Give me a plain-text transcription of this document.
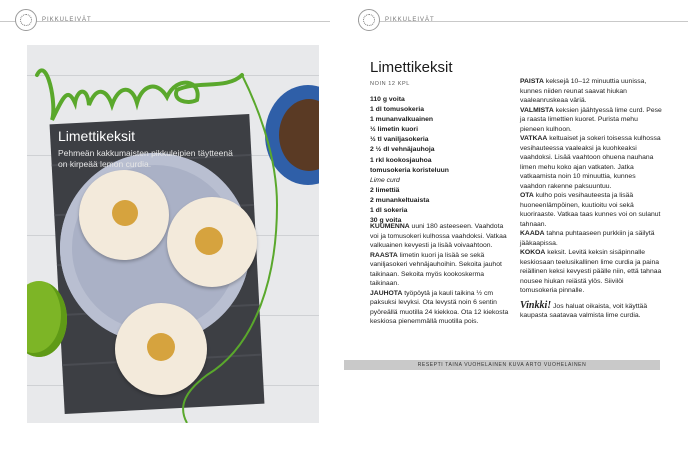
PIKKULEIVÄT	PIKKULEIVÄT
Limettikeksit
Pehmeän kakkumaisten pikkuleipien täytteenä on kirpeää lemon curdia.
Limettikeksit
NOIN 12 KPL
110 g voita
1 dl tomusokeria
1 munanvalkuainen
½ limetin kuori
½ tl vaniljasokeria
2 ½ dl vehnäjauhoja
1 rkl kookosjauhoa
tomusokeria koristeluun
Lime curd
2 limettiä
2 munankeltuaista
1 dl sokeria
30 g voita

KUUMENNA uuni 180 asteeseen. Vaahdota voi ja tomusokeri kulhossa vaahdoksi. Vatkaa valkuainen kevyesti ja lisää voivaahtoon.

RAASTA limetin kuori ja lisää se sekä vaniljasokeri vehnäjauhoihin. Sekoita jauhot taikinaan. Sekoita myös kookoskerma taikinaan.

JAUHOTA työpöytä ja kauli taikina ½ cm paksuksi levyksi. Ota levystä noin 6 sentin pyöreällä muotilla 24 kiekkoa. Ota 12 kiekosta keskiosa pienemmällä muotilla pois.

PAISTA keksejä 10–12 minuuttia uunissa, kunnes niiden reunat saavat hiukan vaaleanruskeaa väriä.

VALMISTA keksien jäähtyessä lime curd. Pese ja raasta limettien kuoret. Purista mehu pieneen kulhoon.

VATKAA keltuaiset ja sokeri toisessa kulhossa vesihauteessa vaaleaksi ja kuohkeaksi vaahdoksi. Lisää vaahtoon ohuena nauhana limen mehu koko ajan vatkaten. Jatka vatkaamista noin 10 minuuttia, kunnes vaahdon rakenne paksuuntuu.

OTA kulho pois vesihauteesta ja lisää huoneenlämpöinen, kuutioitu voi sekä kuoriraaste. Vatkaa taas kunnes voi on sulanut tahnaan.

KAADA tahna puhtaaseen purkkiin ja säilytä jääkaapissa.

KOKOA keksit. Levitä keksin sisäpinnalle keskiosaan teelusikallinen lime curdia ja paina reiällinen keksi kevyesti päälle niin, että tahnaa nousee hiukan reiästä ylös. Siivilöi tomusokeria pinnalle.

Vinkki! Jos haluat oikaista, voit käyttää kaupasta saatavaa valmista lime curdia.

RESEPTI TAINA VUOHELAINEN KUVA ARTO VUOHELAINEN
